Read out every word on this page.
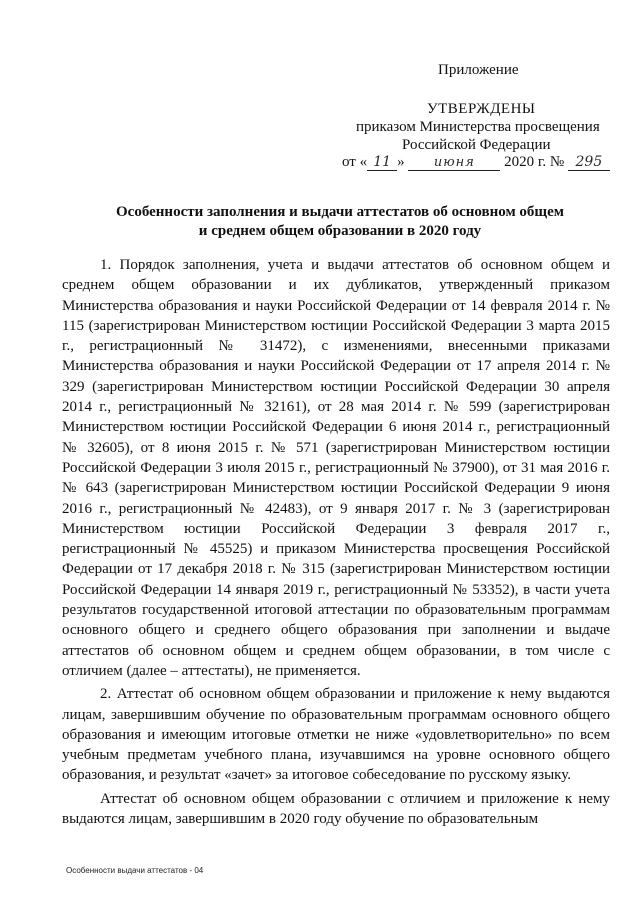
Приложение
УТВЕРЖДЕНЫ
приказом Министерства просвещения
Российской Федерации
от « 11 » июня 2020 г. № 295
Особенности заполнения и выдачи аттестатов об основном общем
и среднем общем образовании в 2020 году

1. Порядок заполнения, учета и выдачи аттестатов об основном общем и среднем общем образовании и их дубликатов, утвержденный приказом Министерства образования и науки Российской Федерации от 14 февраля 2014 г. № 115 (зарегистрирован Министерством юстиции Российской Федерации 3 марта 2015 г., регистрационный № 31472), с изменениями, внесенными приказами Министерства образования и науки Российской Федерации от 17 апреля 2014 г. № 329 (зарегистрирован Министерством юстиции Российской Федерации 30 апреля 2014 г., регистрационный № 32161), от 28 мая 2014 г. № 599 (зарегистрирован Министерством юстиции Российской Федерации 6 июня 2014 г., регистрационный № 32605), от 8 июня 2015 г. № 571 (зарегистрирован Министерством юстиции Российской Федерации 3 июля 2015 г., регистрационный № 37900), от 31 мая 2016 г. № 643 (зарегистрирован Министерством юстиции Российской Федерации 9 июня 2016 г., регистрационный № 42483), от 9 января 2017 г. № 3 (зарегистрирован Министерством юстиции Российской Федерации 3 февраля 2017 г., регистрационный № 45525) и приказом Министерства просвещения Российской Федерации от 17 декабря 2018 г. № 315 (зарегистрирован Министерством юстиции Российской Федерации 14 января 2019 г., регистрационный № 53352), в части учета результатов государственной итоговой аттестации по образовательным программам основного общего и среднего общего образования при заполнении и выдаче аттестатов об основном общем и среднем общем образовании, в том числе с отличием (далее – аттестаты), не применяется.

2. Аттестат об основном общем образовании и приложение к нему выдаются лицам, завершившим обучение по образовательным программам основного общего образования и имеющим итоговые отметки не ниже «удовлетворительно» по всем учебным предметам учебного плана, изучавшимся на уровне основного общего образования, и результат «зачет» за итоговое собеседование по русскому языку.

Аттестат об основном общем образовании с отличием и приложение к нему выдаются лицам, завершившим в 2020 году обучение по образовательным

Особенности выдачи аттестатов - 04
